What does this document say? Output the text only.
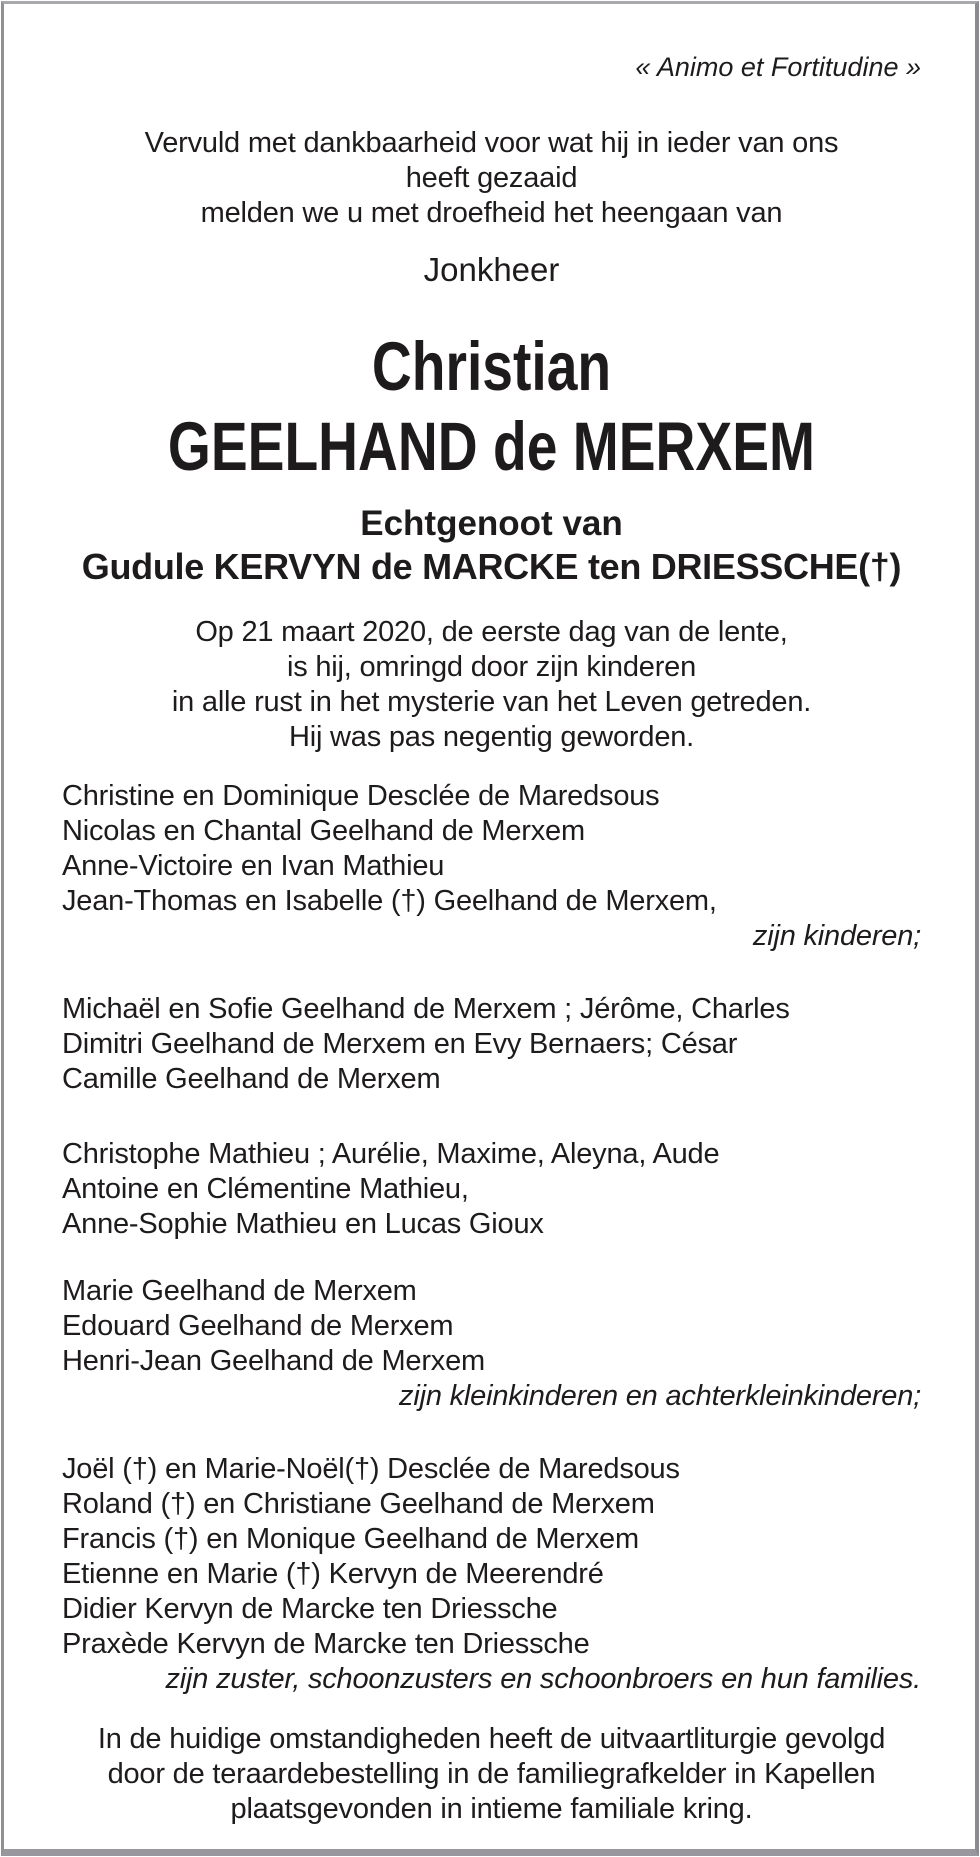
« Animo et Fortitudine »
Vervuld met dankbaarheid voor wat hij in ieder van ons
heeft gezaaid
melden we u met droefheid het heengaan van
Jonkheer
Christian
GEELHAND de MERXEM
Echtgenoot van
Gudule KERVYN de MARCKE ten DRIESSCHE(†)
Op 21 maart 2020, de eerste dag van de lente,
is hij, omringd door zijn kinderen
in alle rust in het mysterie van het Leven getreden.
Hij was pas negentig geworden.
Christine en Dominique Desclée de Maredsous
Nicolas en Chantal Geelhand de Merxem
Anne-Victoire en Ivan Mathieu
Jean-Thomas en Isabelle (†) Geelhand de Merxem,
zijn kinderen;
Michaël en Sofie Geelhand de Merxem ; Jérôme, Charles
Dimitri Geelhand de Merxem en Evy Bernaers; César
Camille Geelhand de Merxem
Christophe Mathieu ; Aurélie, Maxime, Aleyna, Aude
Antoine en Clémentine Mathieu,
Anne-Sophie Mathieu en Lucas Gioux
Marie Geelhand de Merxem
Edouard Geelhand de Merxem
Henri-Jean Geelhand de Merxem
zijn kleinkinderen en achterkleinkinderen;
Joël (†) en Marie-Noël(†) Desclée de Maredsous
Roland (†) en Christiane Geelhand de Merxem
Francis (†) en Monique Geelhand de Merxem
Etienne en Marie (†) Kervyn de Meerendré
Didier Kervyn de Marcke ten Driessche
Praxède Kervyn de Marcke ten Driessche
zijn zuster, schoonzusters en schoonbroers en hun families.
In de huidige omstandigheden heeft de uitvaartliturgie gevolgd
door de teraardebestelling in de familiegrafkelder in Kapellen
plaatsgevonden in intieme familiale kring.
